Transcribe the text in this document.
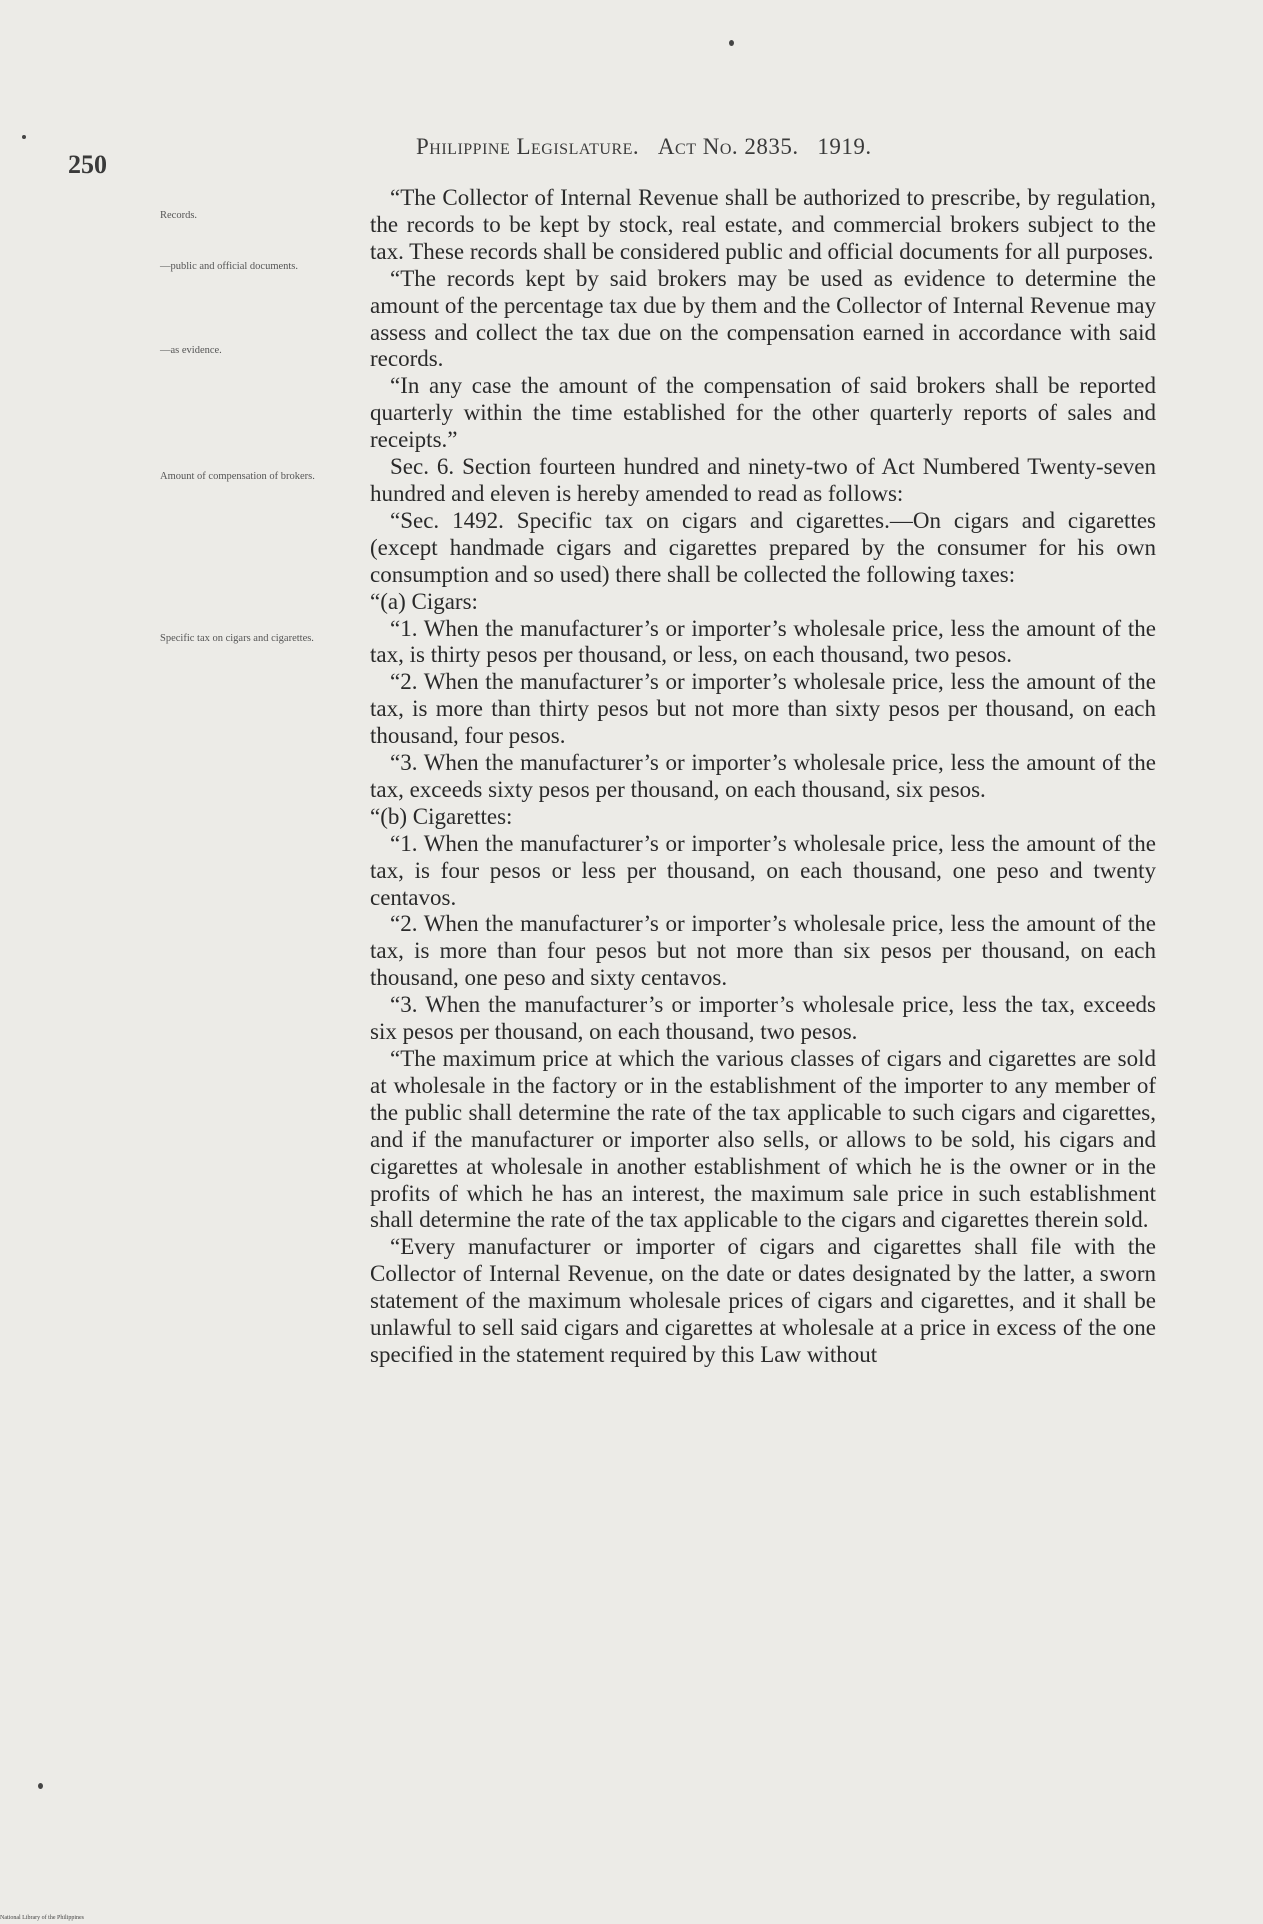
250
Philippine Legislature. Act No. 2835. 1919.
Records.
—public and official documents.
—as evidence.
Amount of compensation of brokers.
Specific tax on cigars and cigarettes.

“The Collector of Internal Revenue shall be authorized to prescribe, by regulation, the records to be kept by stock, real estate, and commercial brokers subject to the tax. These records shall be considered public and official documents for all purposes.

“The records kept by said brokers may be used as evidence to determine the amount of the percentage tax due by them and the Collector of Internal Revenue may assess and collect the tax due on the compensation earned in accordance with said records.

“In any case the amount of the compensation of said brokers shall be reported quarterly within the time established for the other quarterly reports of sales and receipts.”

Sec. 6. Section fourteen hundred and ninety-two of Act Numbered Twenty-seven hundred and eleven is hereby amended to read as follows:

“Sec. 1492. Specific tax on cigars and cigarettes.—On cigars and cigarettes (except handmade cigars and cigarettes prepared by the consumer for his own consumption and so used) there shall be collected the following taxes:

“(a) Cigars:

“1. When the manufacturer’s or importer’s wholesale price, less the amount of the tax, is thirty pesos per thousand, or less, on each thousand, two pesos.

“2. When the manufacturer’s or importer’s wholesale price, less the amount of the tax, is more than thirty pesos but not more than sixty pesos per thousand, on each thousand, four pesos.

“3. When the manufacturer’s or importer’s wholesale price, less the amount of the tax, exceeds sixty pesos per thousand, on each thousand, six pesos.

“(b) Cigarettes:

“1. When the manufacturer’s or importer’s wholesale price, less the amount of the tax, is four pesos or less per thousand, on each thousand, one peso and twenty centavos.

“2. When the manufacturer’s or importer’s wholesale price, less the amount of the tax, is more than four pesos but not more than six pesos per thousand, on each thousand, one peso and sixty centavos.

“3. When the manufacturer’s or importer’s wholesale price, less the tax, exceeds six pesos per thousand, on each thousand, two pesos.

“The maximum price at which the various classes of cigars and cigarettes are sold at wholesale in the factory or in the establishment of the importer to any member of the public shall determine the rate of the tax applicable to such cigars and cigarettes, and if the manufacturer or importer also sells, or allows to be sold, his cigars and cigarettes at wholesale in another establishment of which he is the owner or in the profits of which he has an interest, the maximum sale price in such establishment shall determine the rate of the tax applicable to the cigars and cigarettes therein sold.

“Every manufacturer or importer of cigars and cigarettes shall file with the Collector of Internal Revenue, on the date or dates designated by the latter, a sworn statement of the maximum wholesale prices of cigars and cigarettes, and it shall be unlawful to sell said cigars and cigarettes at wholesale at a price in excess of the one specified in the statement required by this Law without

National Library of the Philippines
